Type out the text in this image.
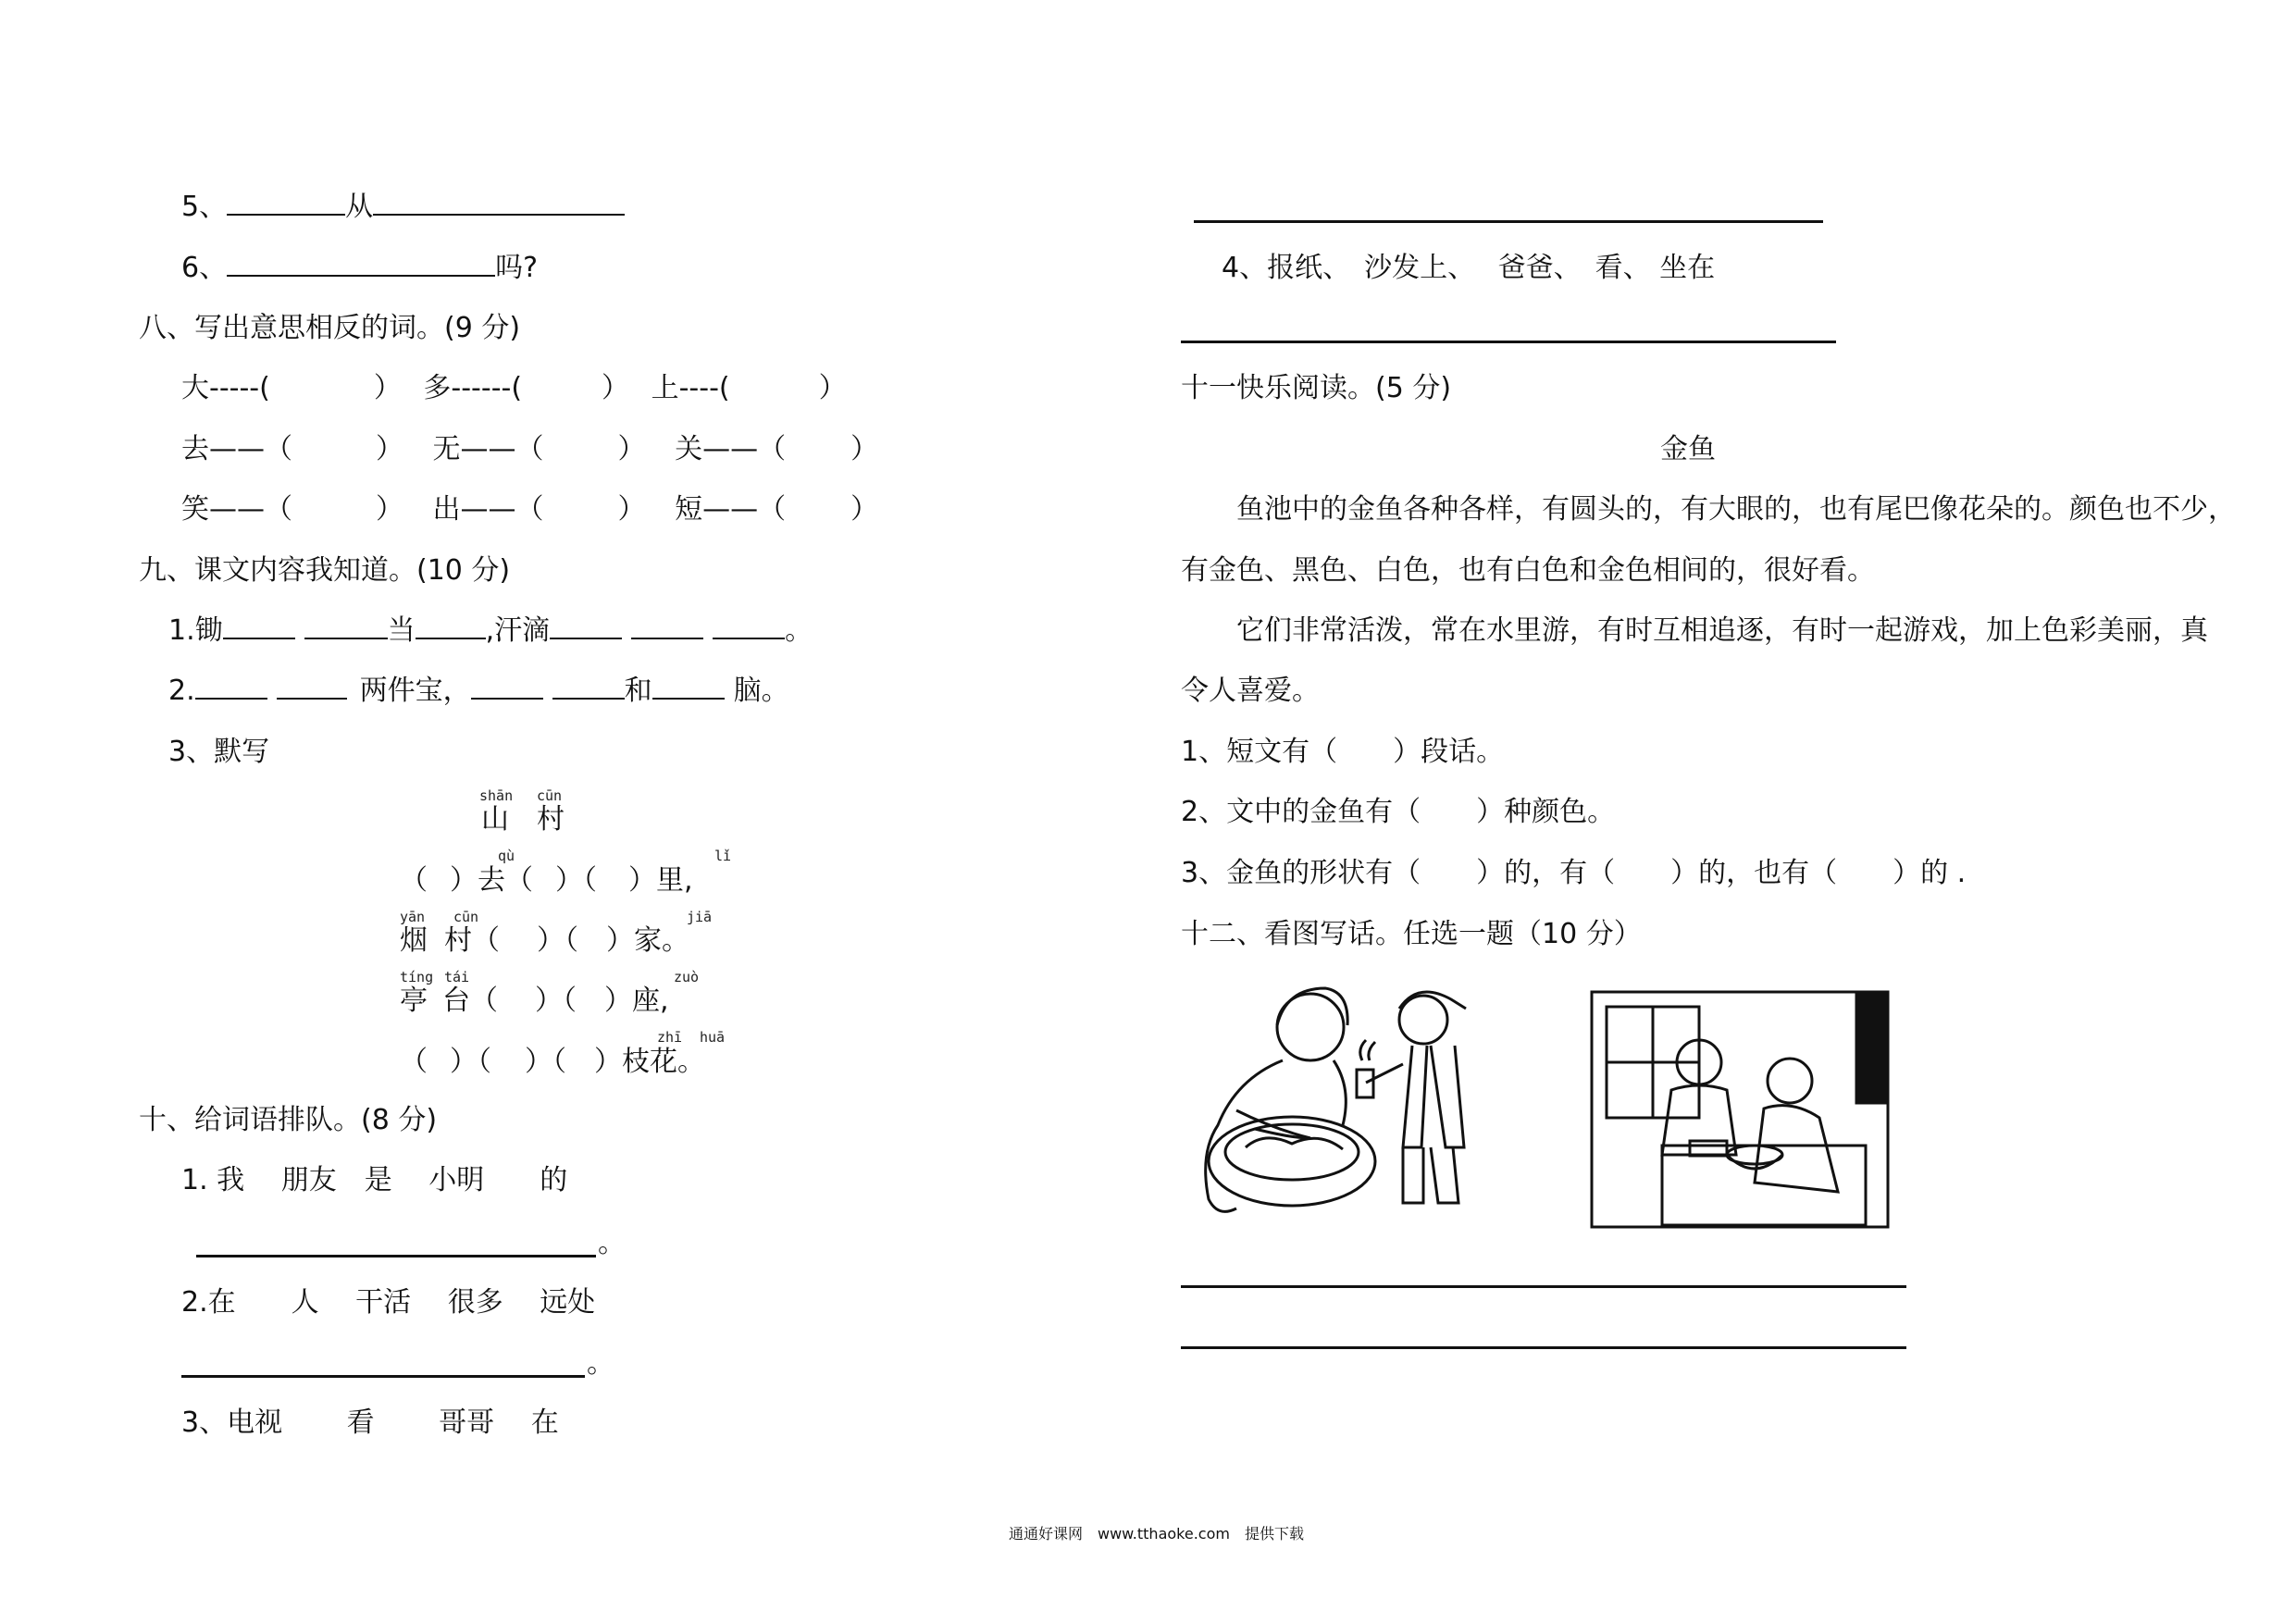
5、	从
6、	吗?
八、写出意思相反的词。(9 分)
大-----(	） 多------(	） 上----(	）
去——（	） 无——（	） 关——（ ）
笑——（	） 出——（	） 短——（ ）
九、课文内容我知道。(10 分)
1.锄	当	,汗滴	。
2.	两件宝，	和	脑。
3、默写
shān cūn
山 村
qù	lǐ
（ ）去（ ）（ ）里,
yān cūn	jiā
烟 村（ ）（ ）家。
tíng tái	zuò
亭 台（ ）（ ）座,
zhī huā
（ ）（ ）（ ）枝花。
十、给词语排队。(8 分)
1. 我　 朋友　是　 小明　　的
。
2.在　　人　 干活　 很多　 远处
。
3、电视　　 看　　 哥哥　 在
4、报纸、　沙发上、　 爸爸、　看、 坐在
十一快乐阅读。(5 分)
金鱼
鱼池中的金鱼各种各样，有圆头的，有大眼的，也有尾巴像花朵的。颜色也不少，
有金色、黑色、白色，也有白色和金色相间的，很好看。
它们非常活泼，常在水里游，有时互相追逐，有时一起游戏，加上色彩美丽，真
令人喜爱。
1、短文有（　　）段话。
2、文中的金鱼有（　　）种颜色。
3、金鱼的形状有（　　）的，有（　　）的，也有（　　）的 .
十二、看图写话。任选一题（10 分）
通通好课网　www.tthaoke.com　提供下载
